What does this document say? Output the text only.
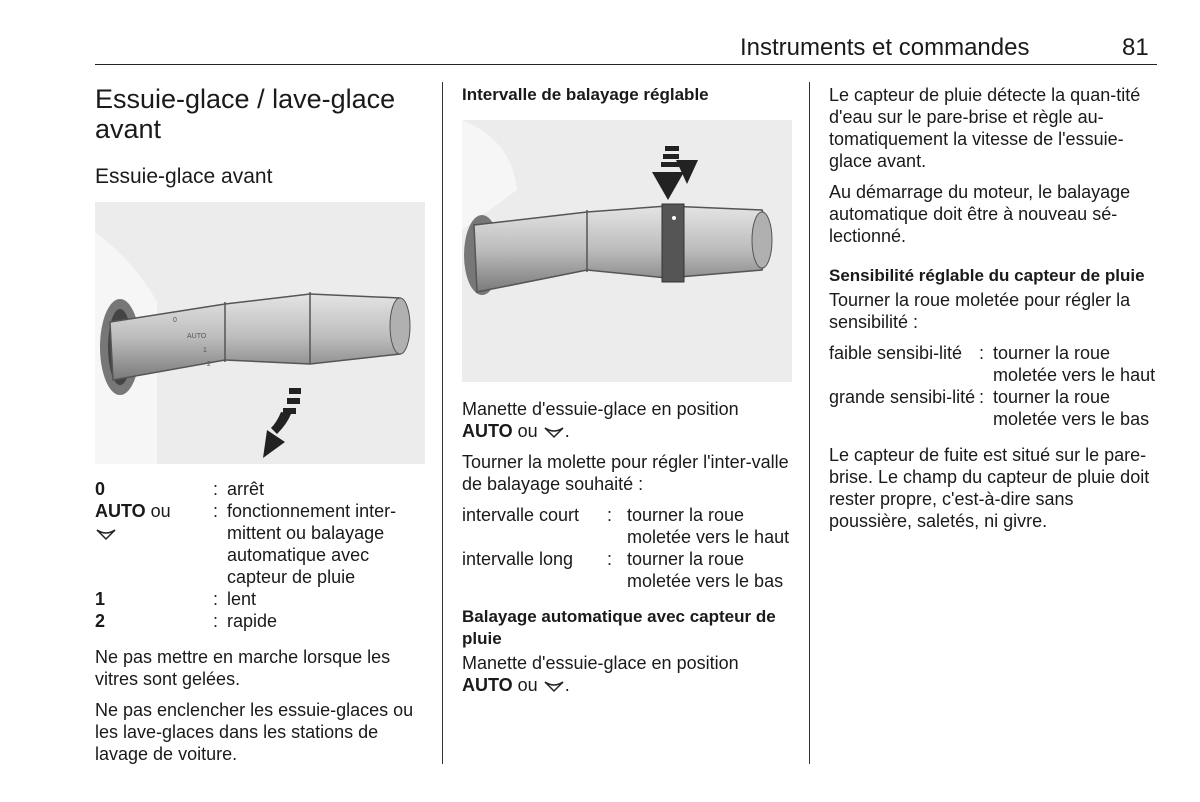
Instruments et commandes	81
Essuie-glace / lave-glace avant
Essuie-glace avant
0
AUTO
1
2
0	: arrêt
AUTO ou	: fonctionnement inter-mittent ou balayage automatique avec capteur de pluie
1	: lent
2	: rapide

Ne pas mettre en marche lorsque les vitres sont gelées.

Ne pas enclencher les essuie-glaces ou les lave-glaces dans les stations de lavage de voiture.

Intervalle de balayage réglable

Manette d'essuie-glace en position
AUTO ou .

Tourner la molette pour régler l'inter-valle de balayage souhaité :

intervalle court	: tourner la roue moletée vers le haut
intervalle long	: tourner la roue moletée vers le bas
Balayage automatique avec capteur de pluie

Manette d'essuie-glace en position
AUTO ou .

Le capteur de pluie détecte la quan-tité d'eau sur le pare-brise et règle au-tomatiquement la vitesse de l'essuie-glace avant.

Au démarrage du moteur, le balayage automatique doit être à nouveau sé-lectionné.

Sensibilité réglable du capteur de pluie

Tourner la roue moletée pour régler la sensibilité :

faible sensibi-lité : tourner la roue moletée vers le haut
grande sensibi-lité : tourner la roue moletée vers le bas

Le capteur de fuite est situé sur le pare-brise. Le champ du capteur de pluie doit rester propre, c'est-à-dire sans poussière, saletés, ni givre.
